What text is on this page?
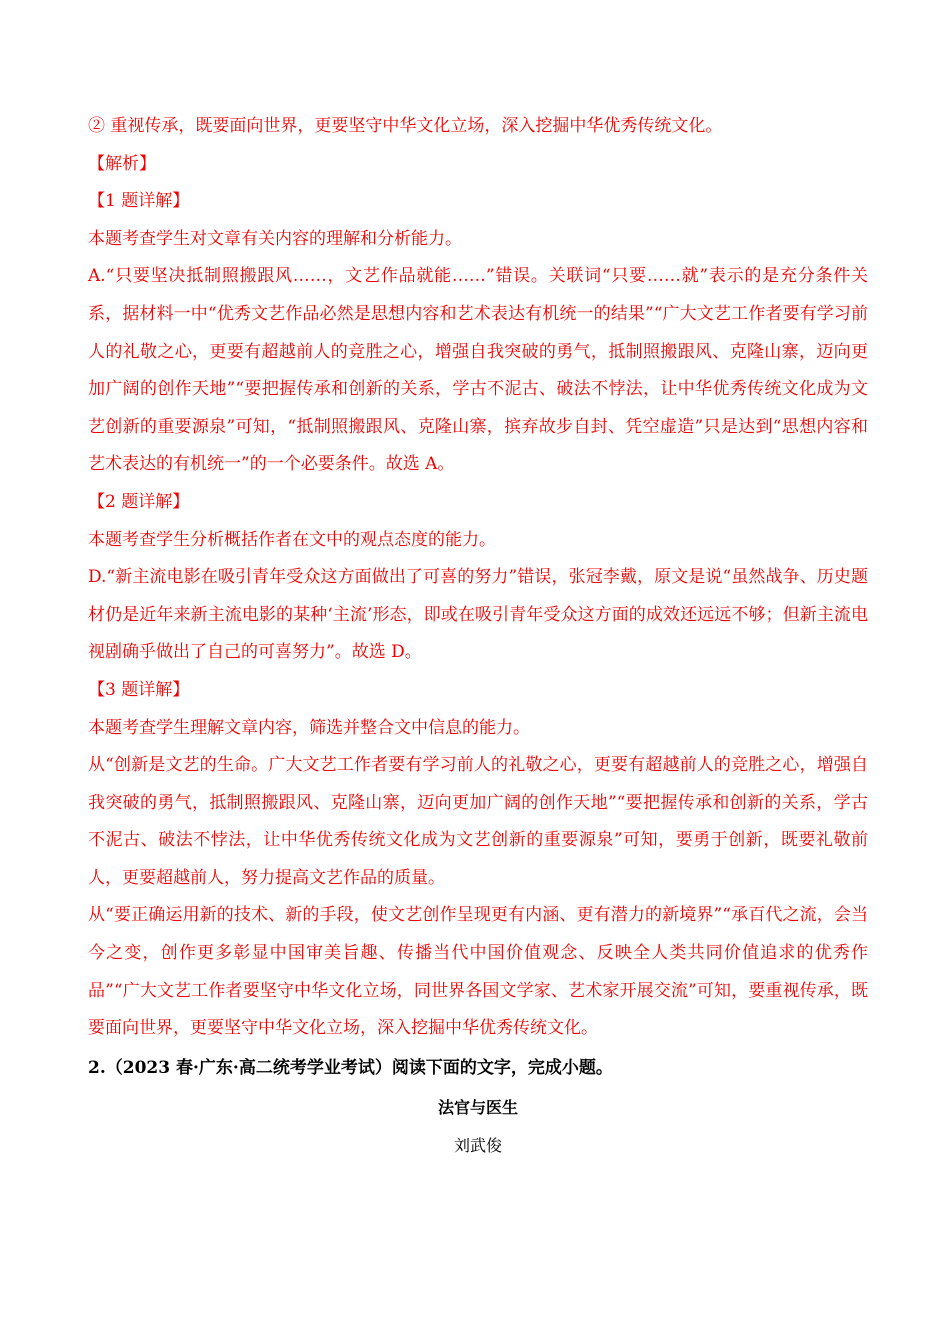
② 重视传承，既要面向世界，更要坚守中华文化立场，深入挖掘中华优秀传统文化。
【解析】
【1 题详解】
本题考查学生对文章有关内容的理解和分析能力。
A.“只要坚决抵制照搬跟风……，文艺作品就能……”错误。关联词“只要……就”表示的是充分条件关系，据材料一中“优秀文艺作品必然是思想内容和艺术表达有机统一的结果”“广大文艺工作者要有学习前人的礼敬之心，更要有超越前人的竞胜之心，增强自我突破的勇气，抵制照搬跟风、克隆山寨，迈向更加广阔的创作天地”“要把握传承和创新的关系，学古不泥古、破法不悖法，让中华优秀传统文化成为文艺创新的重要源泉”可知，“抵制照搬跟风、克隆山寨，摈弃故步自封、凭空虚造”只是达到“思想内容和艺术表达的有机统一”的一个必要条件。故选 A。
【2 题详解】
本题考查学生分析概括作者在文中的观点态度的能力。
D.“新主流电影在吸引青年受众这方面做出了可喜的努力”错误，张冠李戴，原文是说“虽然战争、历史题材仍是近年来新主流电影的某种‘主流’形态，即或在吸引青年受众这方面的成效还远远不够；但新主流电视剧确乎做出了自己的可喜努力”。故选 D。
【3 题详解】
本题考查学生理解文章内容，筛选并整合文中信息的能力。
从“创新是文艺的生命。广大文艺工作者要有学习前人的礼敬之心，更要有超越前人的竞胜之心，增强自我突破的勇气，抵制照搬跟风、克隆山寨，迈向更加广阔的创作天地”“要把握传承和创新的关系，学古不泥古、破法不悖法，让中华优秀传统文化成为文艺创新的重要源泉”可知，要勇于创新，既要礼敬前人，更要超越前人，努力提高文艺作品的质量。
从“要正确运用新的技术、新的手段，使文艺创作呈现更有内涵、更有潜力的新境界”“承百代之流，会当今之变，创作更多彰显中国审美旨趣、传播当代中国价值观念、反映全人类共同价值追求的优秀作品”“广大文艺工作者要坚守中华文化立场，同世界各国文学家、艺术家开展交流”可知，要重视传承，既要面向世界，更要坚守中华文化立场，深入挖掘中华优秀传统文化。
2.（2023 春·广东·高二统考学业考试）阅读下面的文字，完成小题。
法官与医生
刘武俊
